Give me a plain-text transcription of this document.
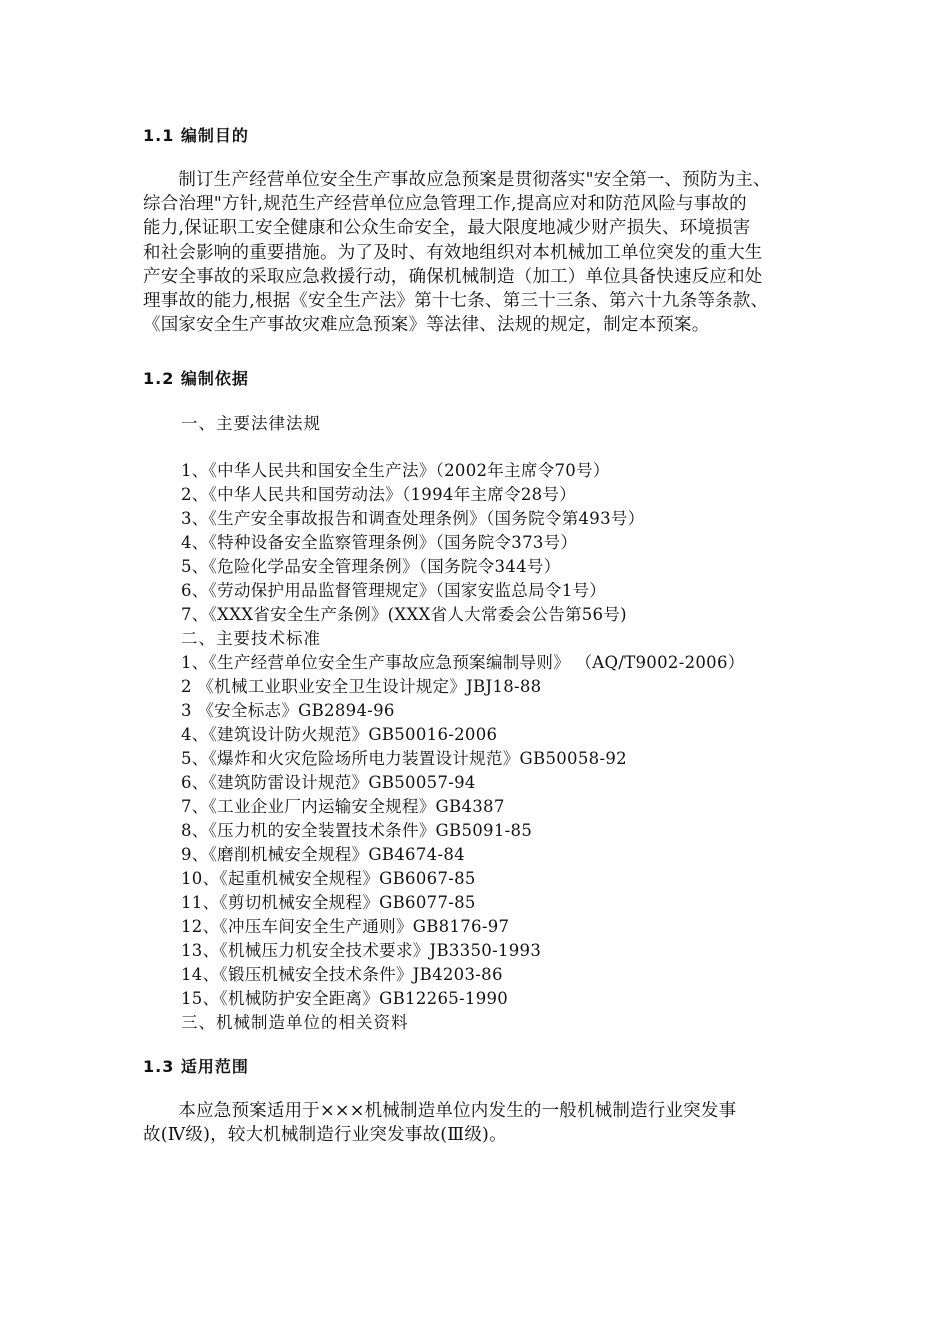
1.1 编制目的
　　制订生产经营单位安全生产事故应急预案是贯彻落实"安全第一、预防为主、
综合治理"方针,规范生产经营单位应急管理工作,提高应对和防范风险与事故的
能力,保证职工安全健康和公众生命安全，最大限度地减少财产损失、环境损害
和社会影响的重要措施。为了及时、有效地组织对本机械加工单位突发的重大生
产安全事故的采取应急救援行动，确保机械制造（加工）单位具备快速反应和处
理事故的能力,根据《安全生产法》第十七条、第三十三条、第六十九条等条款、
《国家安全生产事故灾难应急预案》等法律、法规的规定，制定本预案。
1.2 编制依据
一、主要法律法规
1、《中华人民共和国安全生产法》（2002年主席令70号）
2、《中华人民共和国劳动法》（1994年主席令28号）
3、《生产安全事故报告和调查处理条例》（国务院令第493号）
4、《特种设备安全监察管理条例》（国务院令373号）
5、《危险化学品安全管理条例》（国务院令344号）
6、《劳动保护用品监督管理规定》（国家安监总局令1号）
7、《XXX省安全生产条例》(XXX省人大常委会公告第56号)
二、主要技术标准
1、《生产经营单位安全生产事故应急预案编制导则》 （AQ/T9002-2006）
2 《机械工业职业安全卫生设计规定》JBJ18-88
3 《安全标志》GB2894-96
4、《建筑设计防火规范》GB50016-2006
5、《爆炸和火灾危险场所电力装置设计规范》GB50058-92
6、《建筑防雷设计规范》GB50057-94
7、《工业企业厂内运输安全规程》GB4387
8、《压力机的安全装置技术条件》GB5091-85
9、《磨削机械安全规程》GB4674-84
10、《起重机械安全规程》GB6067-85
11、《剪切机械安全规程》GB6077-85
12、《冲压车间安全生产通则》GB8176-97
13、《机械压力机安全技术要求》JB3350-1993
14、《锻压机械安全技术条件》JB4203-86
15、《机械防护安全距离》GB12265-1990
三、机械制造单位的相关资料
1.3 适用范围
　　本应急预案适用于×××机械制造单位内发生的一般机械制造行业突发事
故(Ⅳ级)，较大机械制造行业突发事故(Ⅲ级)。
